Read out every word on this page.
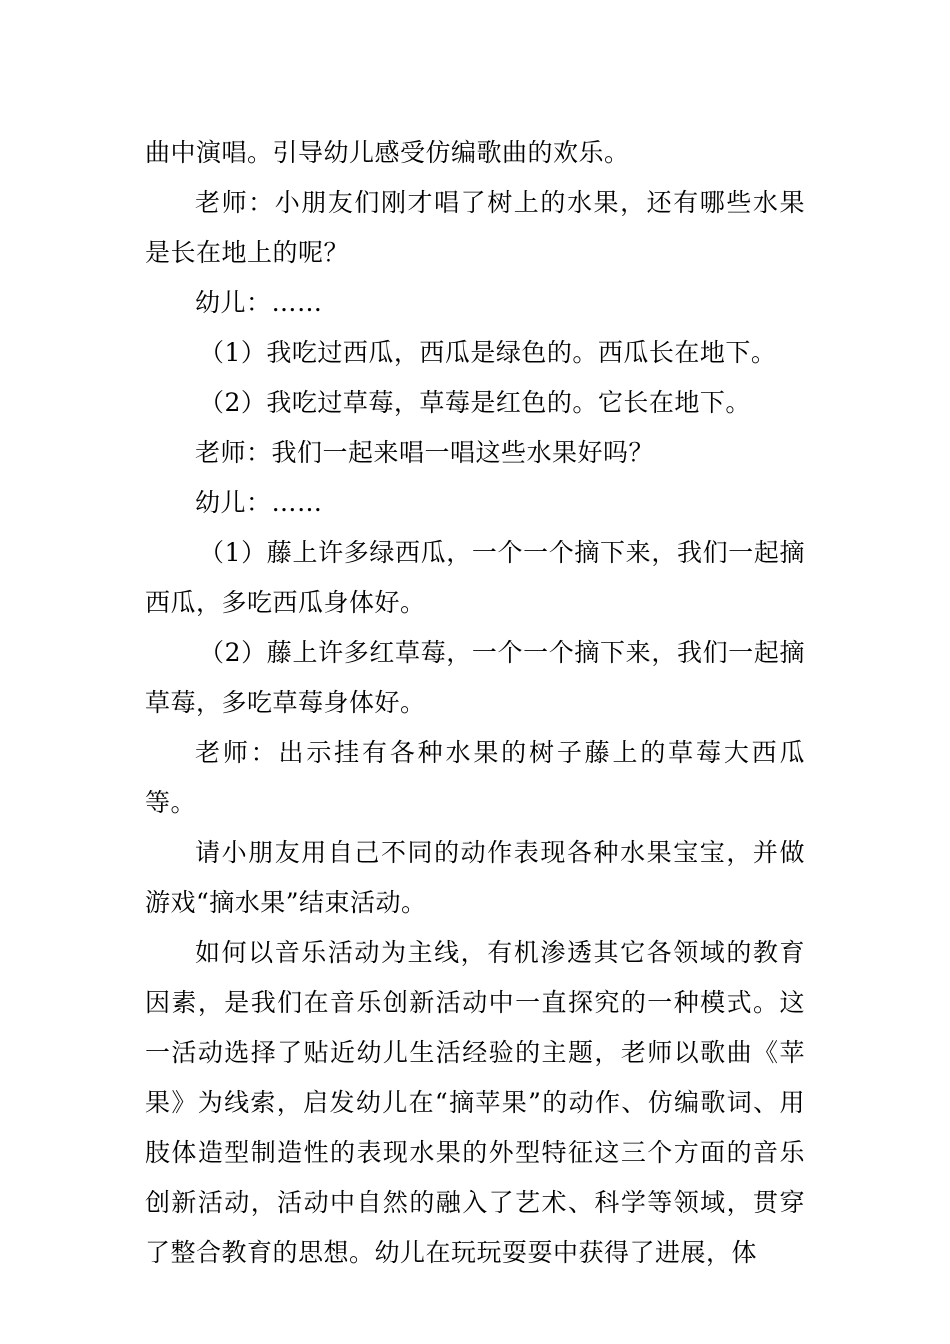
曲中演唱。引导幼儿感受仿编歌曲的欢乐。

老师：小朋友们刚才唱了树上的水果，还有哪些水果是长在地上的呢？

幼儿：……

（1）我吃过西瓜，西瓜是绿色的。西瓜长在地下。

（2）我吃过草莓，草莓是红色的。它长在地下。

老师：我们一起来唱一唱这些水果好吗？

幼儿：……

（1）藤上许多绿西瓜，一个一个摘下来，我们一起摘西瓜，多吃西瓜身体好。

（2）藤上许多红草莓，一个一个摘下来，我们一起摘草莓，多吃草莓身体好。

老师：出示挂有各种水果的树子藤上的草莓大西瓜等。

请小朋友用自己不同的动作表现各种水果宝宝，并做游戏“摘水果”结束活动。

如何以音乐活动为主线，有机渗透其它各领域的教育因素，是我们在音乐创新活动中一直探究的一种模式。这一活动选择了贴近幼儿生活经验的主题，老师以歌曲《苹果》为线索，启发幼儿在“摘苹果”的动作、仿编歌词、用肢体造型制造性的表现水果的外型特征这三个方面的音乐创新活动，活动中自然的融入了艺术、科学等领域，贯穿了整合教育的思想。幼儿在玩玩耍耍中获得了进展，体
